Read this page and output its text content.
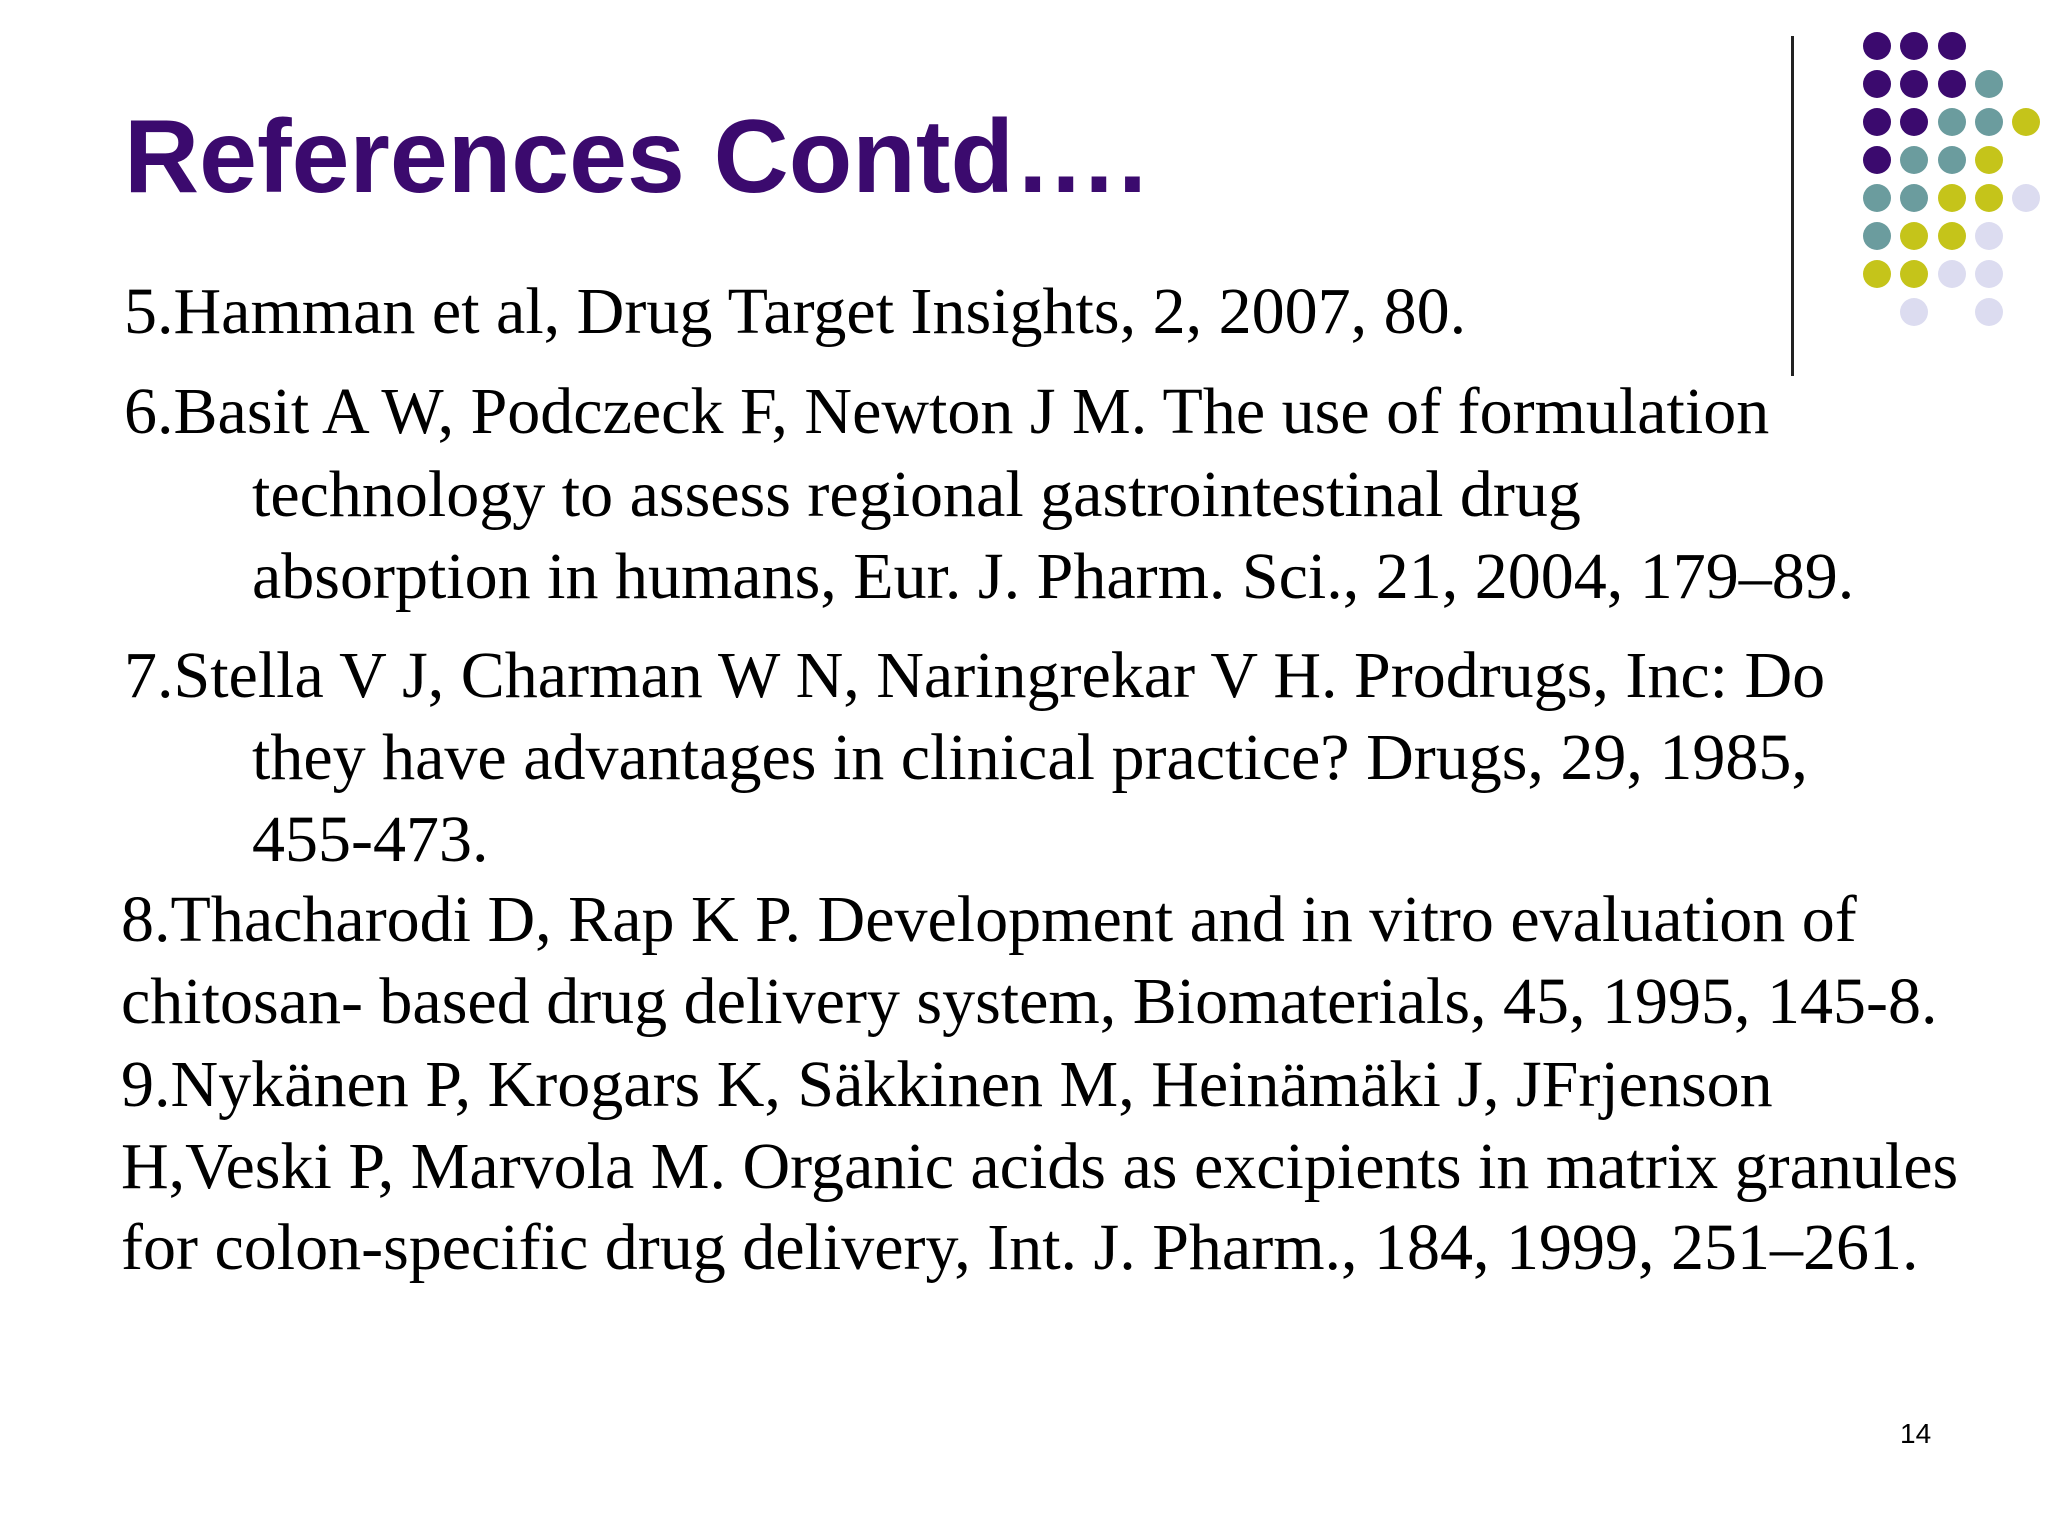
References Contd….
5.Hamman et al, Drug Target Insights, 2, 2007, 80.
6.Basit A W, Podczeck F, Newton J M. The use of formulation
technology to assess regional gastrointestinal drug
absorption in humans, Eur. J. Pharm. Sci., 21, 2004, 179–89.
7.Stella V J, Charman W N, Naringrekar V H. Prodrugs, Inc: Do
they have advantages in clinical practice? Drugs, 29, 1985,
455-473.
8.Thacharodi D, Rap K P. Development and in vitro evaluation of
chitosan- based drug delivery system, Biomaterials, 45, 1995, 145-8.
9.Nykänen P, Krogars K, Säkkinen M, Heinämäki J, JFrjenson
H,Veski P, Marvola M. Organic acids as excipients in matrix granules
for colon-specific drug delivery, Int. J. Pharm., 184, 1999, 251–261.
14
